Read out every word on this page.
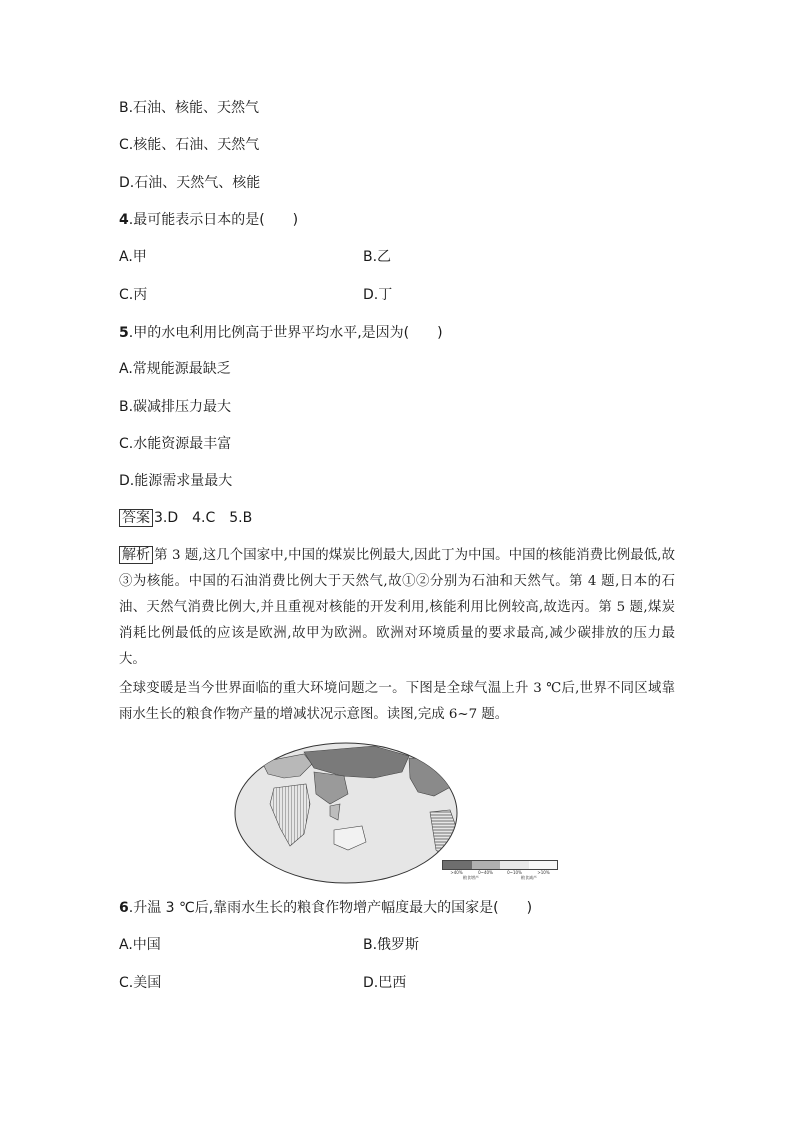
B.石油、核能、天然气
C.核能、石油、天然气
D.石油、天然气、核能
4.最可能表示日本的是(　　)
A.甲	B.乙
C.丙	D.丁
5.甲的水电利用比例高于世界平均水平,是因为(　　)
A.常规能源最缺乏
B.碳减排压力最大
C.水能资源最丰富
D.能源需求量最大
答案 3.D　4.C　5.B
解析 第 3 题,这几个国家中,中国的煤炭比例最大,因此丁为中国。中国的核能消费比例最低,故③为核能。中国的石油消费比例大于天然气,故①②分别为石油和天然气。第 4 题,日本的石油、天然气消费比例大,并且重视对核能的开发利用,核能利用比例较高,故选丙。第 5 题,煤炭消耗比例最低的应该是欧洲,故甲为欧洲。欧洲对环境质量的要求最高,减少碳排放的压力最大。
全球变暖是当今世界面临的重大环境问题之一。下图是全球气温上升 3 ℃后,世界不同区域靠雨水生长的粮食作物产量的增减状况示意图。读图,完成 6~7 题。
>40%	0~40%	0~10%	>10%
粮食增产	粮食减产
6.升温 3 ℃后,靠雨水生长的粮食作物增产幅度最大的国家是(　　)
A.中国	B.俄罗斯
C.美国	D.巴西
